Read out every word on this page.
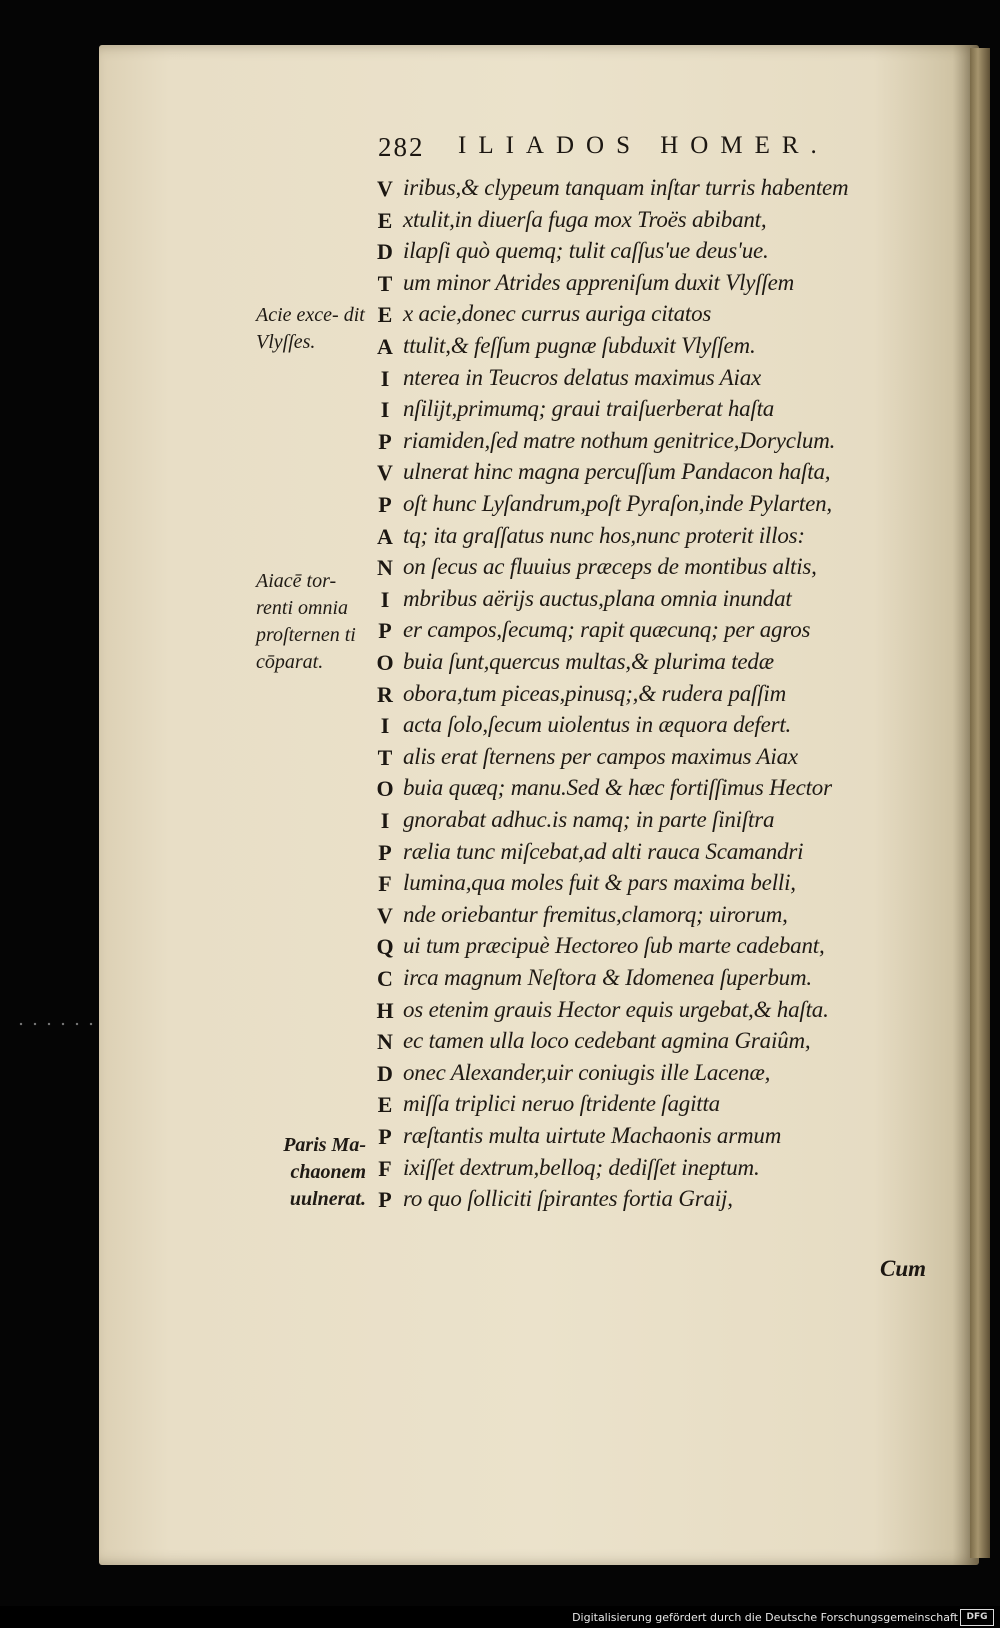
282 ILIADOS HOMER.
Acie exce- dit Vlyſſes.
Aiacē tor- renti omnia proſternen ti cōparat.
Paris Ma- chaonem uulnerat.
V iribus,& clypeum tanquam inſtar turris habentem
E xtulit,in diuerſa fuga mox Troës abibant,
D ilapſi quò quemq; tulit caſſus'ue deus'ue.
T um minor Atrides appreniſum duxit Vlyſſem
E x acie,donec currus auriga citatos
A ttulit,& feſſum pugnæ ſubduxit Vlyſſem.
I nterea in Teucros delatus maximus Aiax
I nſilijt,primumq; graui traiſuerberat haſta
P riamiden,ſed matre nothum genitrice,Doryclum.
V ulnerat hinc magna percuſſum Pandacon haſta,
P oſt hunc Lyſandrum,poſt Pyraſon,inde Pylarten,
A tq; ita graſſatus nunc hos,nunc proterit illos:
N on ſecus ac fluuius præceps de montibus altis,
I mbribus aërijs auctus,plana omnia inundat
P er campos,ſecumq; rapit quæcunq; per agros
O buia ſunt,quercus multas,& plurima tedæ
R obora,tum piceas,pinusq;,& rudera paſſim
I acta ſolo,ſecum uiolentus in æquora defert.
T alis erat ſternens per campos maximus Aiax
O buia quæq; manu.Sed & hæc fortiſſimus Hector
I gnorabat adhuc.is namq; in parte ſiniſtra
P rælia tunc miſcebat,ad alti rauca Scamandri
F lumina,qua moles fuit & pars maxima belli,
V nde oriebantur fremitus,clamorq; uirorum,
Q ui tum præcipuè Hectoreo ſub marte cadebant,
C irca magnum Neſtora & Idomenea ſuperbum.
H os etenim grauis Hector equis urgebat,& haſta.
N ec tamen ulla loco cedebant agmina Graiûm,
D onec Alexander,uir coniugis ille Lacenæ,
E miſſa triplici neruo ſtridente ſagitta
P ræſtantis multa uirtute Machaonis armum
F ixiſſet dextrum,belloq; dediſſet ineptum.
P ro quo ſolliciti ſpirantes fortia Graij,
Cum
Digitalisierung gefördert durch die Deutsche Forschungsgemeinschaft DFG
